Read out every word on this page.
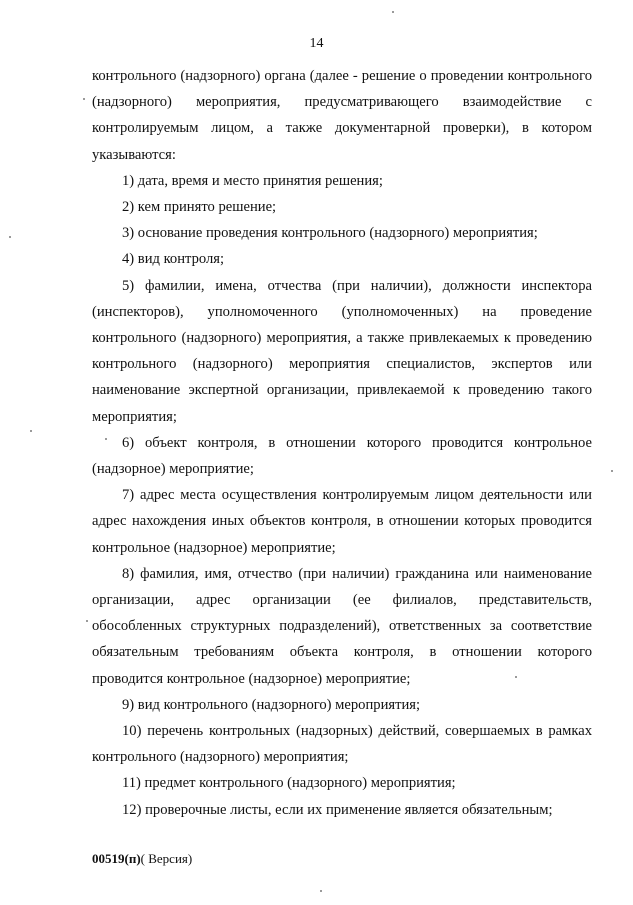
14

контрольного (надзорного) органа (далее - решение о проведении контрольного (надзорного) мероприятия, предусматривающего взаимодействие с контролируемым лицом, а также документарной проверки), в котором указываются:

1) дата, время и место принятия решения;

2) кем принято решение;

3) основание проведения контрольного (надзорного) мероприятия;

4) вид контроля;

5) фамилии, имена, отчества (при наличии), должности инспектора (инспекторов), уполномоченного (уполномоченных) на проведение контрольного (надзорного) мероприятия, а также привлекаемых к проведению контрольного (надзорного) мероприятия специалистов, экспертов или наименование экспертной организации, привлекаемой к проведению такого мероприятия;

6) объект контроля, в отношении которого проводится контрольное (надзорное) мероприятие;

7) адрес места осуществления контролируемым лицом деятельности или адрес нахождения иных объектов контроля, в отношении которых проводится контрольное (надзорное) мероприятие;

8) фамилия, имя, отчество (при наличии) гражданина или наименование организации, адрес организации (ее филиалов, представительств, обособленных структурных подразделений), ответственных за соответствие обязательным требованиям объекта контроля, в отношении которого проводится контрольное (надзорное) мероприятие;

9) вид контрольного (надзорного) мероприятия;

10) перечень контрольных (надзорных) действий, совершаемых в рамках контрольного (надзорного) мероприятия;

11) предмет контрольного (надзорного) мероприятия;

12) проверочные листы, если их применение является обязательным;

00519(п)( Версия)
